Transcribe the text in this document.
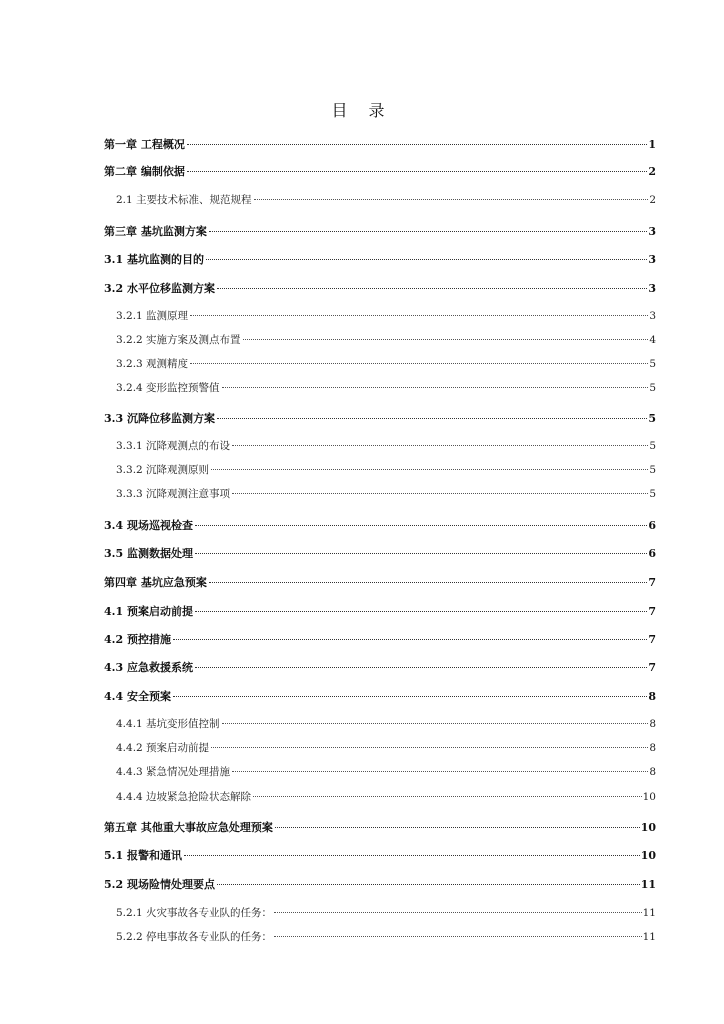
目 录
第一章 工程概况	1
第二章 编制依据	2
2.1 主要技术标准、规范规程	2
第三章 基坑监测方案	3
3.1 基坑监测的目的	3
3.2 水平位移监测方案	3
3.2.1 监测原理	3
3.2.2 实施方案及测点布置	4
3.2.3 观测精度	5
3.2.4 变形监控预警值	5
3.3 沉降位移监测方案	5
3.3.1 沉降观测点的布设	5
3.3.2 沉降观测原则	5
3.3.3 沉降观测注意事项	5
3.4 现场巡视检查	6
3.5 监测数据处理	6
第四章 基坑应急预案	7
4.1 预案启动前提	7
4.2 预控措施	7
4.3 应急救援系统	7
4.4 安全预案	8
4.4.1 基坑变形值控制	8
4.4.2 预案启动前提	8
4.4.3 紧急情况处理措施	8
4.4.4 边坡紧急抢险状态解除	10
第五章 其他重大事故应急处理预案	10
5.1 报警和通讯	10
5.2 现场险情处理要点	11
5.2.1 火灾事故各专业队的任务：	11
5.2.2 停电事故各专业队的任务：	11
